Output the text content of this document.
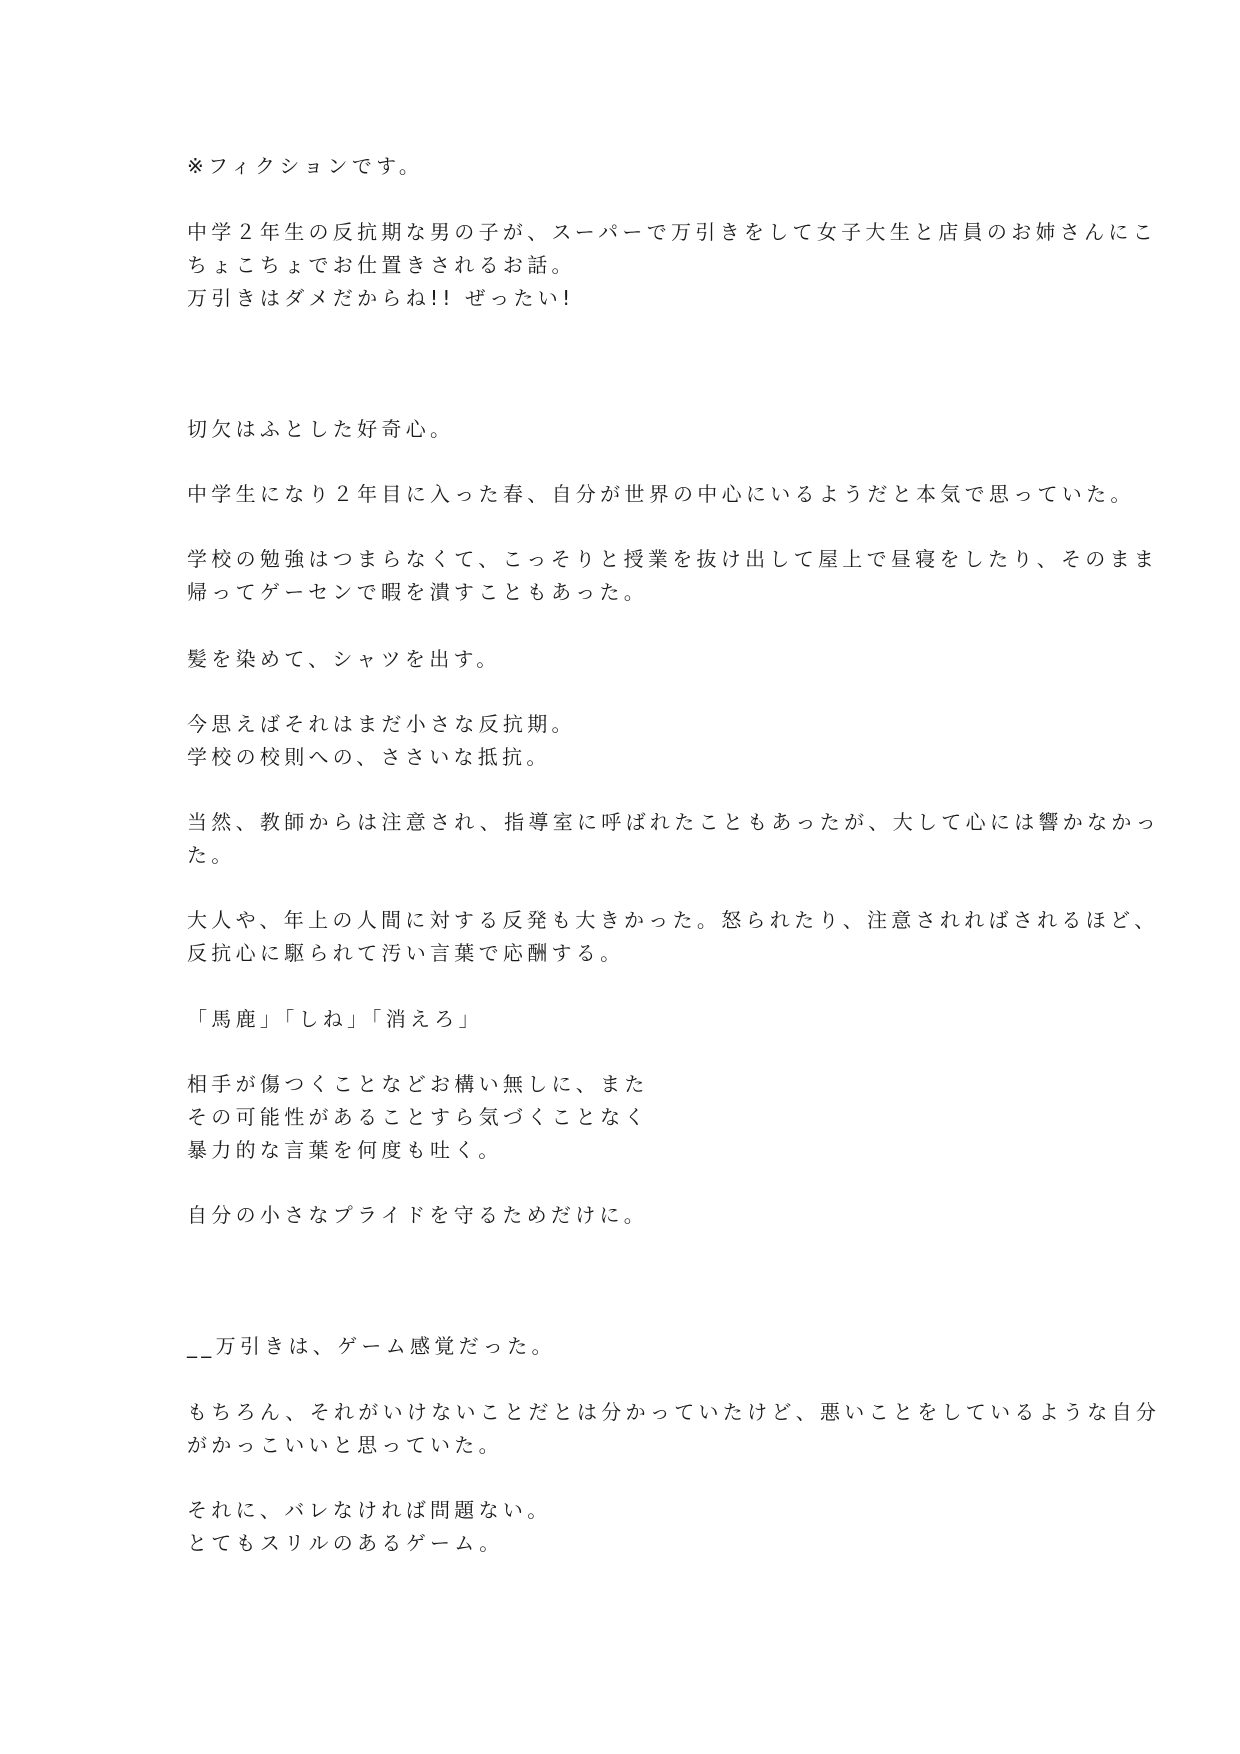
※フィクションです。
中学２年生の反抗期な男の子が、スーパーで万引きをして女子大生と店員のお姉さんにこ
ちょこちょでお仕置きされるお話。
万引きはダメだからね!! ぜったい!
切欠はふとした好奇心。
中学生になり２年目に入った春、自分が世界の中心にいるようだと本気で思っていた。
学校の勉強はつまらなくて、こっそりと授業を抜け出して屋上で昼寝をしたり、そのまま
帰ってゲーセンで暇を潰すこともあった。
髪を染めて、シャツを出す。
今思えばそれはまだ小さな反抗期。
学校の校則への、ささいな抵抗。
当然、教師からは注意され、指導室に呼ばれたこともあったが、大して心には響かなかっ
た。
大人や、年上の人間に対する反発も大きかった。怒られたり、注意されればされるほど、
反抗心に駆られて汚い言葉で応酬する。
「馬鹿」「しね」「消えろ」
相手が傷つくことなどお構い無しに、また
その可能性があることすら気づくことなく
暴力的な言葉を何度も吐く。
自分の小さなプライドを守るためだけに。
__万引きは、ゲーム感覚だった。
もちろん、それがいけないことだとは分かっていたけど、悪いことをしているような自分
がかっこいいと思っていた。
それに、バレなければ問題ない。
とてもスリルのあるゲーム。
